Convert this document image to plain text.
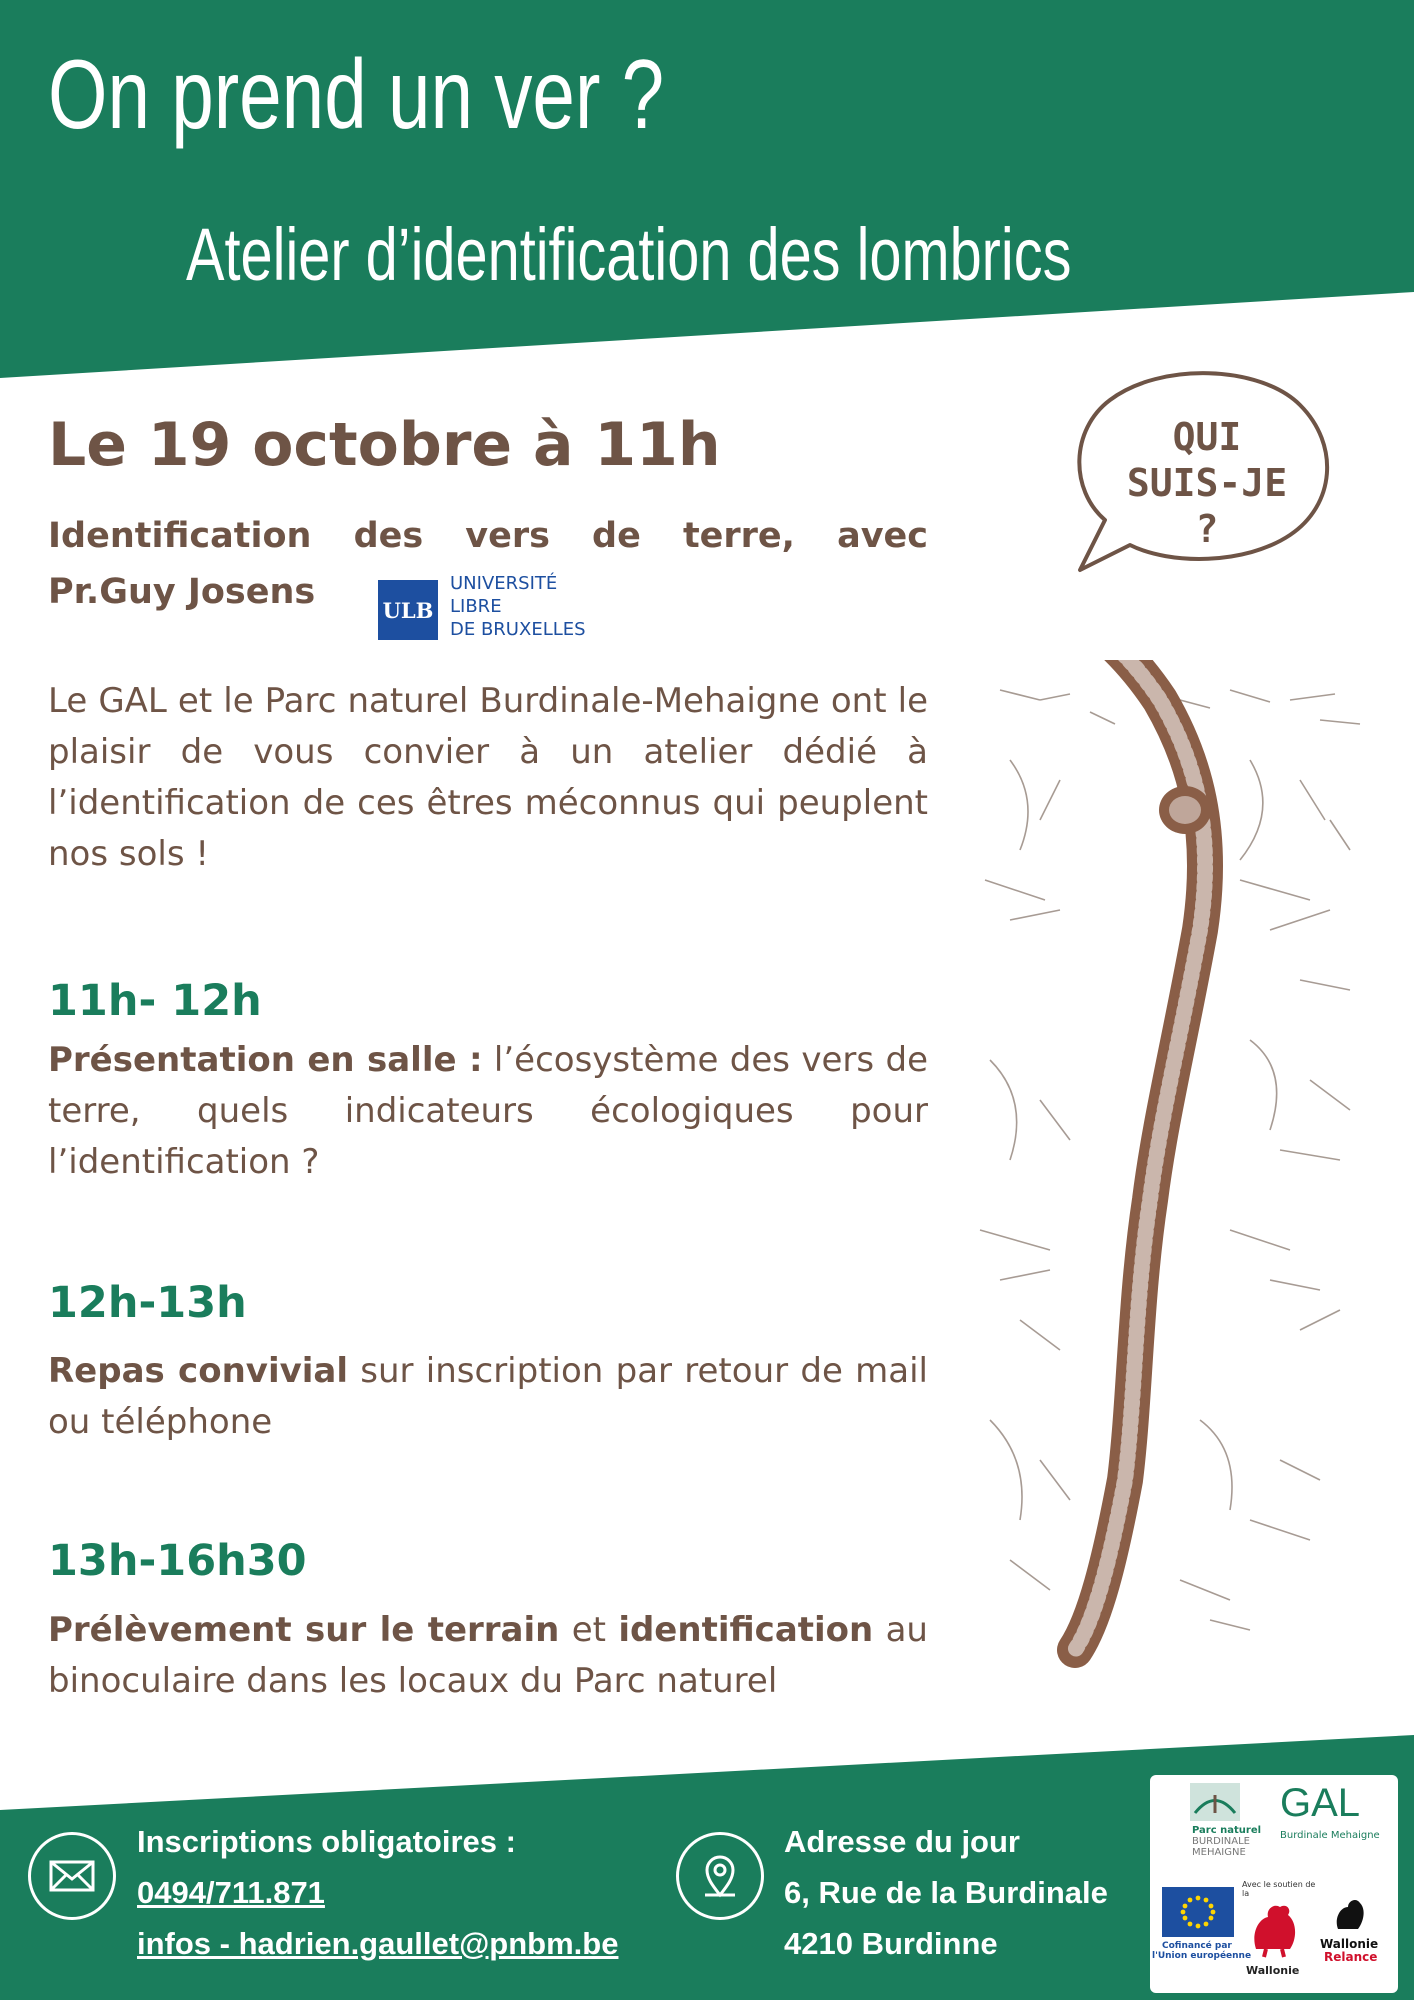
On prend un ver ?
Atelier d’identification des lombrics
Le 19 octobre à 11h
Identification des vers de terre, avec
Pr.Guy Josens	ULB
UNIVERSITÉ
LIBRE
DE BRUXELLES
Le GAL et le Parc naturel Burdinale-Mehaigne ont le plaisir de vous convier à un atelier dédié à l’identification de ces êtres méconnus qui peuplent nos sols !
11h- 12h
Présentation en salle : l’écosystème des vers de terre, quels indicateurs écologiques pour l’identification ?
12h-13h
Repas convivial sur inscription par retour de mail ou téléphone
13h-16h30
Prélèvement sur le terrain et identification au binoculaire dans les locaux du Parc naturel
QUI
SUIS-JE
?
Inscriptions obligatoires :
0494/711.871
infos - hadrien.gaullet@pnbm.be
Adresse du jour
6, Rue de la Burdinale
4210 Burdinne
Parc naturel
BURDINALE
MEHAIGNE
GAL
Burdinale Mehaigne
Cofinancé par
l'Union européenne
Avec le soutien de
la
Wallonie
Wallonie
Relance
